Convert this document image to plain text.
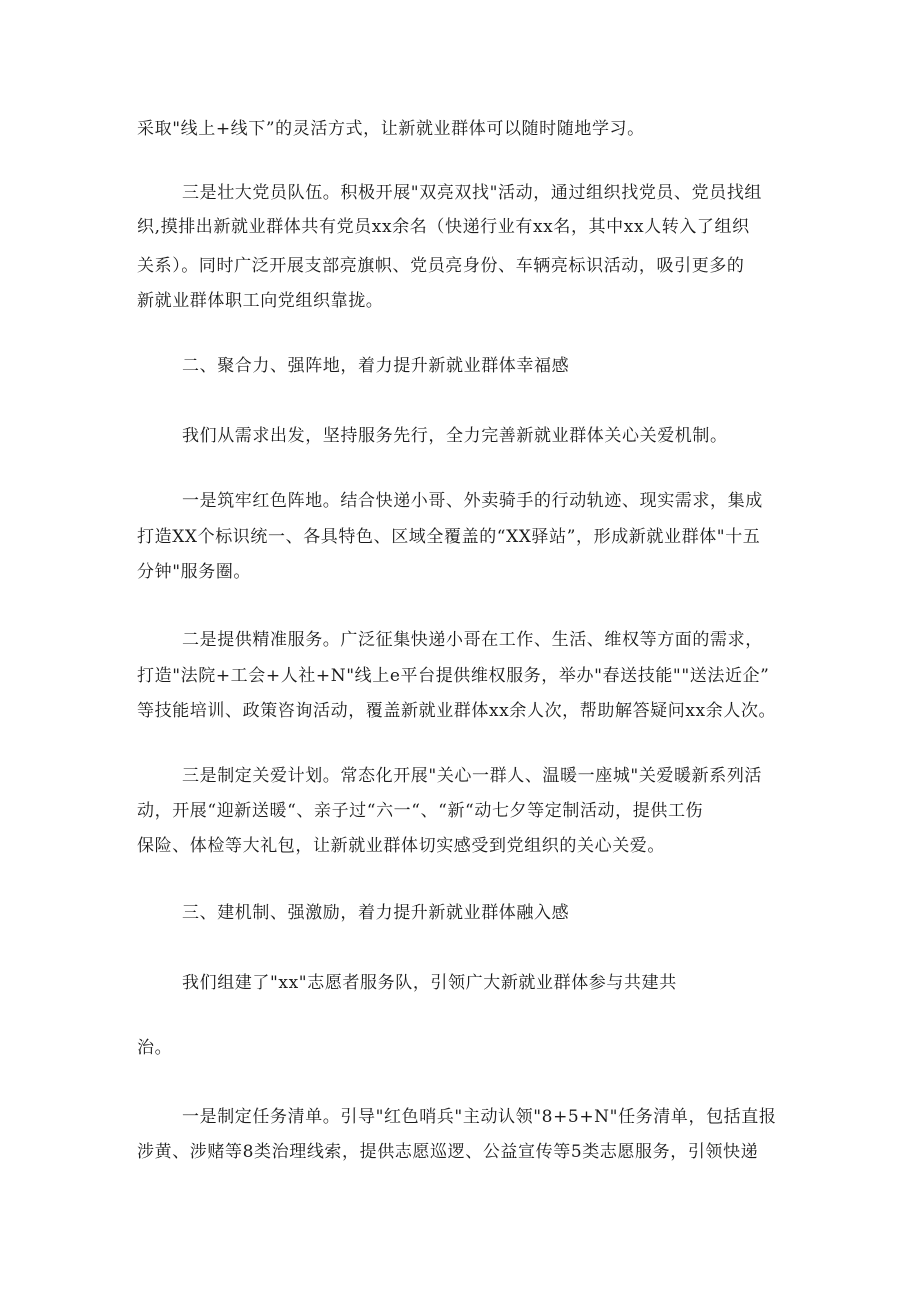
采取"线上+线下”的灵活方式，让新就业群体可以随时随地学习。
三是壮大党员队伍。积极开展"双亮双找"活动，通过组织找党员、党员找组
织,摸排出新就业群体共有党员xx余名（快递行业有xx名，其中xx人转入了组织
关系）。同时广泛开展支部亮旗帜、党员亮身份、车辆亮标识活动，吸引更多的
新就业群体职工向党组织靠拢。
二、聚合力、强阵地，着力提升新就业群体幸福感
我们从需求出发，坚持服务先行，全力完善新就业群体关心关爱机制。
一是筑牢红色阵地。结合快递小哥、外卖骑手的行动轨迹、现实需求，集成
打造XX个标识统一、各具特色、区域全覆盖的“XX驿站”，形成新就业群体"十五
分钟"服务圈。
二是提供精准服务。广泛征集快递小哥在工作、生活、维权等方面的需求，
打造"法院+工会+人社+N"线上e平台提供维权服务，举办"春送技能""送法近企”
等技能培训、政策咨询活动，覆盖新就业群体xx余人次，帮助解答疑问xx余人次。
三是制定关爱计划。常态化开展"关心一群人、温暖一座城"关爱暖新系列活
动，开展“迎新送暖“、亲子过“六一“、“新“动七夕等定制活动，提供工伤
保险、体检等大礼包，让新就业群体切实感受到党组织的关心关爱。
三、建机制、强激励，着力提升新就业群体融入感
我们组建了"xx"志愿者服务队，引领广大新就业群体参与共建共
治。
一是制定任务清单。引导"红色哨兵"主动认领"8+5+N"任务清单，包括直报
涉黄、涉赌等8类治理线索，提供志愿巡逻、公益宣传等5类志愿服务，引领快递
